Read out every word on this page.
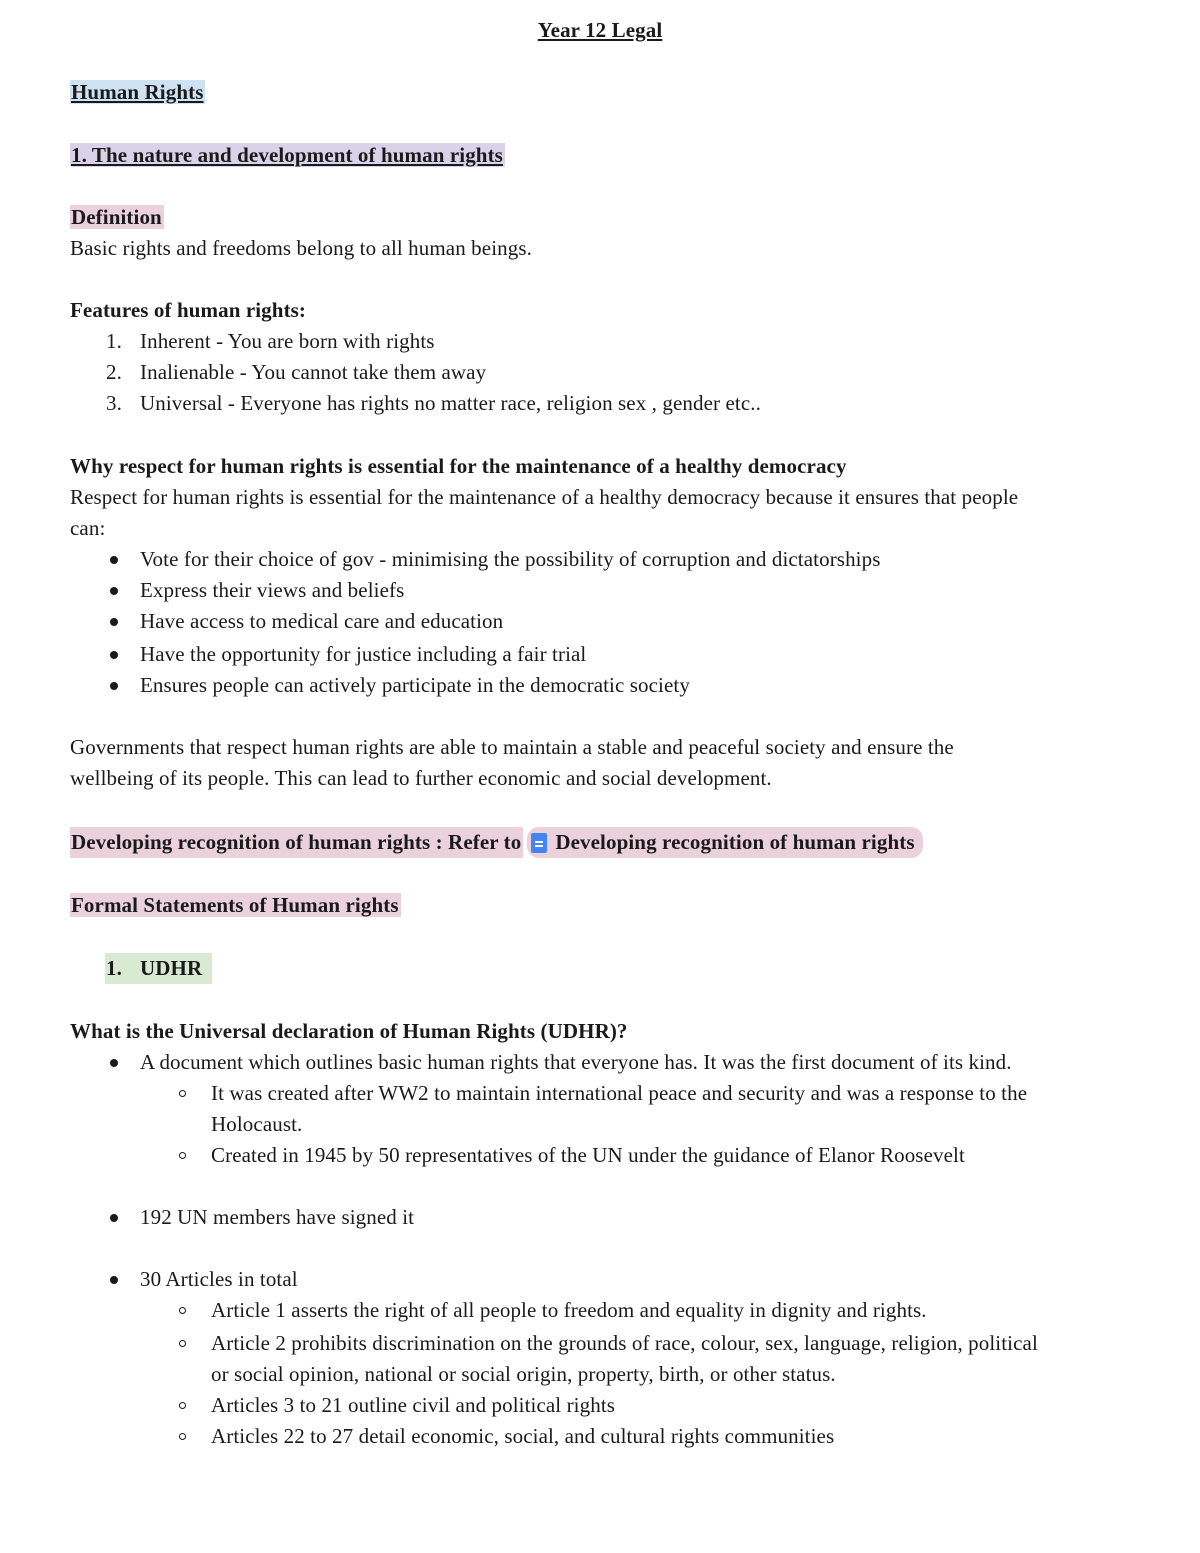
Year 12 Legal
Human Rights
1. The nature and development of human rights
Definition
Basic rights and freedoms belong to all human beings.
Features of human rights:
1. Inherent - You are born with rights
2. Inalienable - You cannot take them away
3. Universal - Everyone has rights no matter race, religion sex , gender etc..
Why respect for human rights is essential for the maintenance of a healthy democracy
Respect for human rights is essential for the maintenance of a healthy democracy because it ensures that people
can:
Vote for their choice of gov - minimising the possibility of corruption and dictatorships
Express their views and beliefs
Have access to medical care and education
Have the opportunity for justice including a fair trial
Ensures people can actively participate in the democratic society
Governments that respect human rights are able to maintain a stable and peaceful society and ensure the
wellbeing of its people. This can lead to further economic and social development.
Developing recognition of human rights : Refer to Developing recognition of human rights
Formal Statements of Human rights
1. UDHR
What is the Universal declaration of Human Rights (UDHR)?
A document which outlines basic human rights that everyone has. It was the first document of its kind.
It was created after WW2 to maintain international peace and security and was a response to the
Holocaust.
Created in 1945 by 50 representatives of the UN under the guidance of Elanor Roosevelt
192 UN members have signed it
30 Articles in total
Article 1 asserts the right of all people to freedom and equality in dignity and rights.
Article 2 prohibits discrimination on the grounds of race, colour, sex, language, religion, political
or social opinion, national or social origin, property, birth, or other status.
Articles 3 to 21 outline civil and political rights
Articles 22 to 27 detail economic, social, and cultural rights communities
